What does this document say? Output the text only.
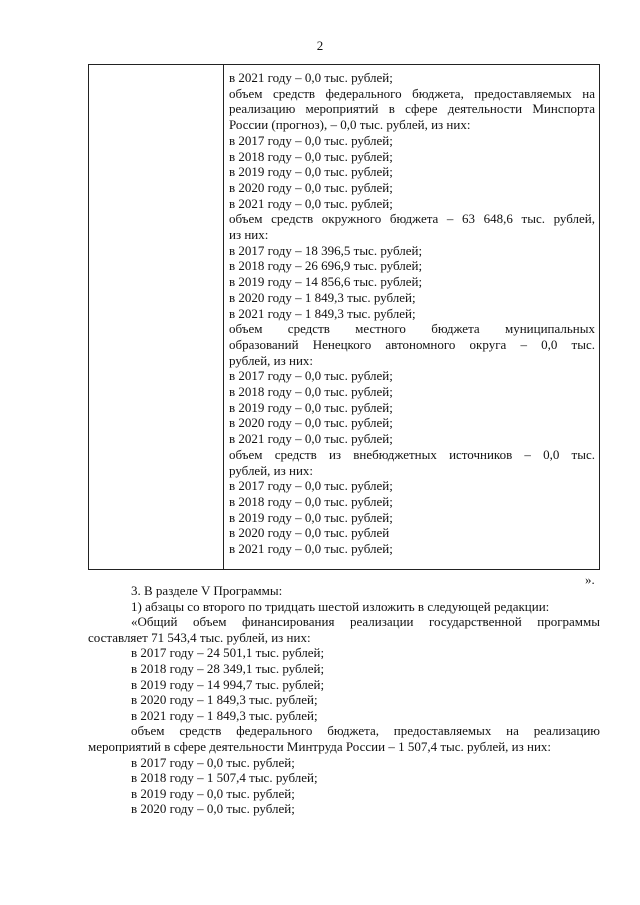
2
в 2021 году – 0,0 тыс. рублей;
объем средств федерального бюджета, предоставляемых на
реализацию мероприятий в сфере деятельности Минспорта
России (прогноз), – 0,0 тыс. рублей, из них:
в 2017 году – 0,0 тыс. рублей;
в 2018 году – 0,0 тыс. рублей;
в 2019 году – 0,0 тыс. рублей;
в 2020 году – 0,0 тыс. рублей;
в 2021 году – 0,0 тыс. рублей;
объем средств окружного бюджета – 63 648,6 тыс. рублей,
из них:
в 2017 году – 18 396,5 тыс. рублей;
в 2018 году – 26 696,9 тыс. рублей;
в 2019 году – 14 856,6 тыс. рублей;
в 2020 году – 1 849,3 тыс. рублей;
в 2021 году – 1 849,3 тыс. рублей;
объем средств местного бюджета муниципальных
образований Ненецкого автономного округа – 0,0 тыс.
рублей, из них:
в 2017 году – 0,0 тыс. рублей;
в 2018 году – 0,0 тыс. рублей;
в 2019 году – 0,0 тыс. рублей;
в 2020 году – 0,0 тыс. рублей;
в 2021 году – 0,0 тыс. рублей;
объем средств из внебюджетных источников – 0,0 тыс.
рублей, из них:
в 2017 году – 0,0 тыс. рублей;
в 2018 году – 0,0 тыс. рублей;
в 2019 году – 0,0 тыс. рублей;
в 2020 году – 0,0 тыс. рублей
в 2021 году – 0,0 тыс. рублей;
».
3. В разделе V Программы:
1) абзацы со второго по тридцать шестой изложить в следующей редакции:
«Общий объем финансирования реализации государственной программы
составляет 71 543,4 тыс. рублей, из них:
в 2017 году – 24 501,1 тыс. рублей;
в 2018 году – 28 349,1 тыс. рублей;
в 2019 году – 14 994,7 тыс. рублей;
в 2020 году – 1 849,3 тыс. рублей;
в 2021 году – 1 849,3 тыс. рублей;
объем средств федерального бюджета, предоставляемых на реализацию
мероприятий в сфере деятельности Минтруда России – 1 507,4 тыс. рублей, из них:
в 2017 году – 0,0 тыс. рублей;
в 2018 году – 1 507,4 тыс. рублей;
в 2019 году – 0,0 тыс. рублей;
в 2020 году – 0,0 тыс. рублей;
